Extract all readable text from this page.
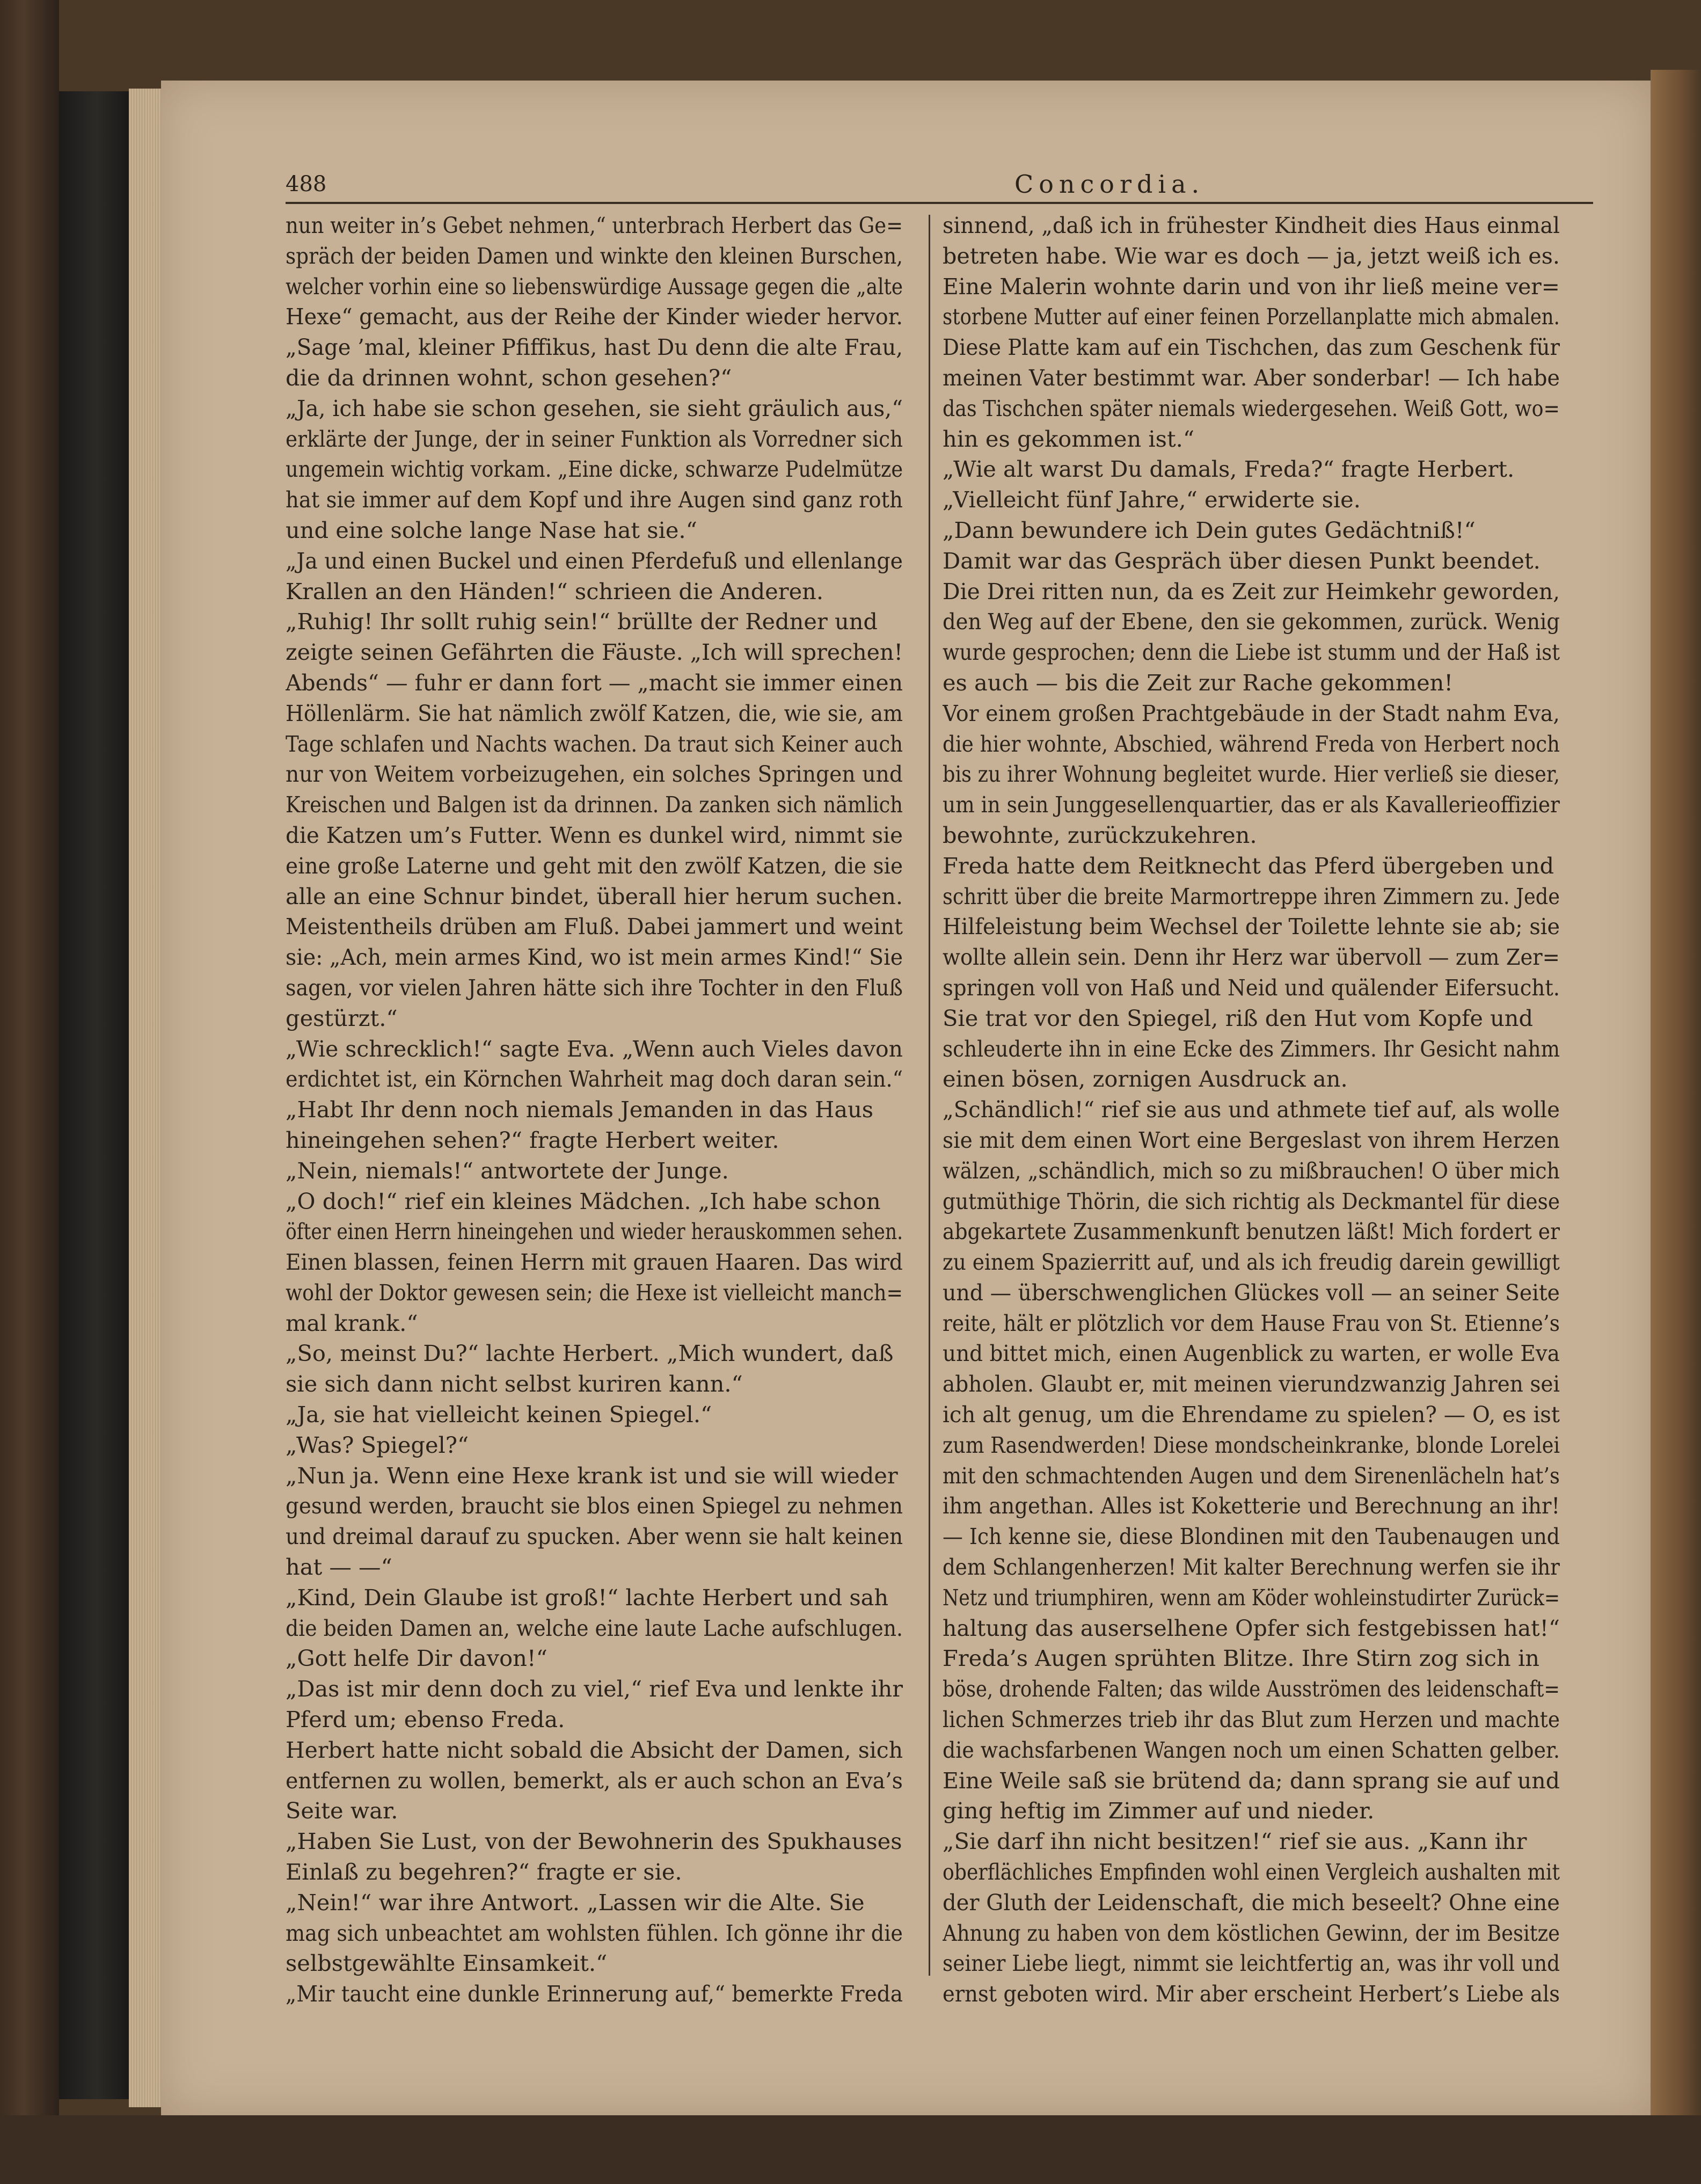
488	Concordia.
nun weiter in’s Gebet nehmen,“ unterbrach Herbert das Ge=
spräch der beiden Damen und winkte den kleinen Burschen,
welcher vorhin eine so liebenswürdige Aussage gegen die „alte
Hexe“ gemacht, aus der Reihe der Kinder wieder hervor.
„Sage ’mal, kleiner Pfiffikus, hast Du denn die alte Frau,
die da drinnen wohnt, schon gesehen?“
„Ja, ich habe sie schon gesehen, sie sieht gräulich aus,“
erklärte der Junge, der in seiner Funktion als Vorredner sich
ungemein wichtig vorkam. „Eine dicke, schwarze Pudelmütze
hat sie immer auf dem Kopf und ihre Augen sind ganz roth
und eine solche lange Nase hat sie.“
„Ja und einen Buckel und einen Pferdefuß und ellenlange
Krallen an den Händen!“ schrieen die Anderen.
„Ruhig! Ihr sollt ruhig sein!“ brüllte der Redner und
zeigte seinen Gefährten die Fäuste. „Ich will sprechen!
Abends“ — fuhr er dann fort — „macht sie immer einen
Höllenlärm. Sie hat nämlich zwölf Katzen, die, wie sie, am
Tage schlafen und Nachts wachen. Da traut sich Keiner auch
nur von Weitem vorbeizugehen, ein solches Springen und
Kreischen und Balgen ist da drinnen. Da zanken sich nämlich
die Katzen um’s Futter. Wenn es dunkel wird, nimmt sie
eine große Laterne und geht mit den zwölf Katzen, die sie
alle an eine Schnur bindet, überall hier herum suchen.
Meistentheils drüben am Fluß. Dabei jammert und weint
sie: „Ach, mein armes Kind, wo ist mein armes Kind!“ Sie
sagen, vor vielen Jahren hätte sich ihre Tochter in den Fluß
gestürzt.“
„Wie schrecklich!“ sagte Eva. „Wenn auch Vieles davon
erdichtet ist, ein Körnchen Wahrheit mag doch daran sein.“
„Habt Ihr denn noch niemals Jemanden in das Haus
hineingehen sehen?“ fragte Herbert weiter.
„Nein, niemals!“ antwortete der Junge.
„O doch!“ rief ein kleines Mädchen. „Ich habe schon
öfter einen Herrn hineingehen und wieder herauskommen sehen.
Einen blassen, feinen Herrn mit grauen Haaren. Das wird
wohl der Doktor gewesen sein; die Hexe ist vielleicht manch=
mal krank.“
„So, meinst Du?“ lachte Herbert. „Mich wundert, daß
sie sich dann nicht selbst kuriren kann.“
„Ja, sie hat vielleicht keinen Spiegel.“
„Was? Spiegel?“
„Nun ja. Wenn eine Hexe krank ist und sie will wieder
gesund werden, braucht sie blos einen Spiegel zu nehmen
und dreimal darauf zu spucken. Aber wenn sie halt keinen
hat — —“
„Kind, Dein Glaube ist groß!“ lachte Herbert und sah
die beiden Damen an, welche eine laute Lache aufschlugen.
„Gott helfe Dir davon!“
„Das ist mir denn doch zu viel,“ rief Eva und lenkte ihr
Pferd um; ebenso Freda.
Herbert hatte nicht sobald die Absicht der Damen, sich
entfernen zu wollen, bemerkt, als er auch schon an Eva’s
Seite war.
„Haben Sie Lust, von der Bewohnerin des Spukhauses
Einlaß zu begehren?“ fragte er sie.
„Nein!“ war ihre Antwort. „Lassen wir die Alte. Sie
mag sich unbeachtet am wohlsten fühlen. Ich gönne ihr die
selbstgewählte Einsamkeit.“
„Mir taucht eine dunkle Erinnerung auf,“ bemerkte Freda
sinnend, „daß ich in frühester Kindheit dies Haus einmal
betreten habe. Wie war es doch — ja, jetzt weiß ich es.
Eine Malerin wohnte darin und von ihr ließ meine ver=
storbene Mutter auf einer feinen Porzellanplatte mich abmalen.
Diese Platte kam auf ein Tischchen, das zum Geschenk für
meinen Vater bestimmt war. Aber sonderbar! — Ich habe
das Tischchen später niemals wiedergesehen. Weiß Gott, wo=
hin es gekommen ist.“
„Wie alt warst Du damals, Freda?“ fragte Herbert.
„Vielleicht fünf Jahre,“ erwiderte sie.
„Dann bewundere ich Dein gutes Gedächtniß!“
Damit war das Gespräch über diesen Punkt beendet.
Die Drei ritten nun, da es Zeit zur Heimkehr geworden,
den Weg auf der Ebene, den sie gekommen, zurück. Wenig
wurde gesprochen; denn die Liebe ist stumm und der Haß ist
es auch — bis die Zeit zur Rache gekommen!
Vor einem großen Prachtgebäude in der Stadt nahm Eva,
die hier wohnte, Abschied, während Freda von Herbert noch
bis zu ihrer Wohnung begleitet wurde. Hier verließ sie dieser,
um in sein Junggesellenquartier, das er als Kavallerieoffizier
bewohnte, zurückzukehren.
Freda hatte dem Reitknecht das Pferd übergeben und
schritt über die breite Marmortreppe ihren Zimmern zu. Jede
Hilfeleistung beim Wechsel der Toilette lehnte sie ab; sie
wollte allein sein. Denn ihr Herz war übervoll — zum Zer=
springen voll von Haß und Neid und quälender Eifersucht.
Sie trat vor den Spiegel, riß den Hut vom Kopfe und
schleuderte ihn in eine Ecke des Zimmers. Ihr Gesicht nahm
einen bösen, zornigen Ausdruck an.
„Schändlich!“ rief sie aus und athmete tief auf, als wolle
sie mit dem einen Wort eine Bergeslast von ihrem Herzen
wälzen, „schändlich, mich so zu mißbrauchen! O über mich
gutmüthige Thörin, die sich richtig als Deckmantel für diese
abgekartete Zusammenkunft benutzen läßt! Mich fordert er
zu einem Spazierritt auf, und als ich freudig darein gewilligt
und — überschwenglichen Glückes voll — an seiner Seite
reite, hält er plötzlich vor dem Hause Frau von St. Etienne’s
und bittet mich, einen Augenblick zu warten, er wolle Eva
abholen. Glaubt er, mit meinen vierundzwanzig Jahren sei
ich alt genug, um die Ehrendame zu spielen? — O, es ist
zum Rasendwerden! Diese mondscheinkranke, blonde Lorelei
mit den schmachtenden Augen und dem Sirenenlächeln hat’s
ihm angethan. Alles ist Koketterie und Berechnung an ihr!
— Ich kenne sie, diese Blondinen mit den Taubenaugen und
dem Schlangenherzen! Mit kalter Berechnung werfen sie ihr
Netz und triumphiren, wenn am Köder wohleinstudirter Zurück=
haltung das auserselhene Opfer sich festgebissen hat!“
Freda’s Augen sprühten Blitze. Ihre Stirn zog sich in
böse, drohende Falten; das wilde Ausströmen des leidenschaft=
lichen Schmerzes trieb ihr das Blut zum Herzen und machte
die wachsfarbenen Wangen noch um einen Schatten gelber.
Eine Weile saß sie brütend da; dann sprang sie auf und
ging heftig im Zimmer auf und nieder.
„Sie darf ihn nicht besitzen!“ rief sie aus. „Kann ihr
oberflächliches Empfinden wohl einen Vergleich aushalten mit
der Gluth der Leidenschaft, die mich beseelt? Ohne eine
Ahnung zu haben von dem köstlichen Gewinn, der im Besitze
seiner Liebe liegt, nimmt sie leichtfertig an, was ihr voll und
ernst geboten wird. Mir aber erscheint Herbert’s Liebe als
